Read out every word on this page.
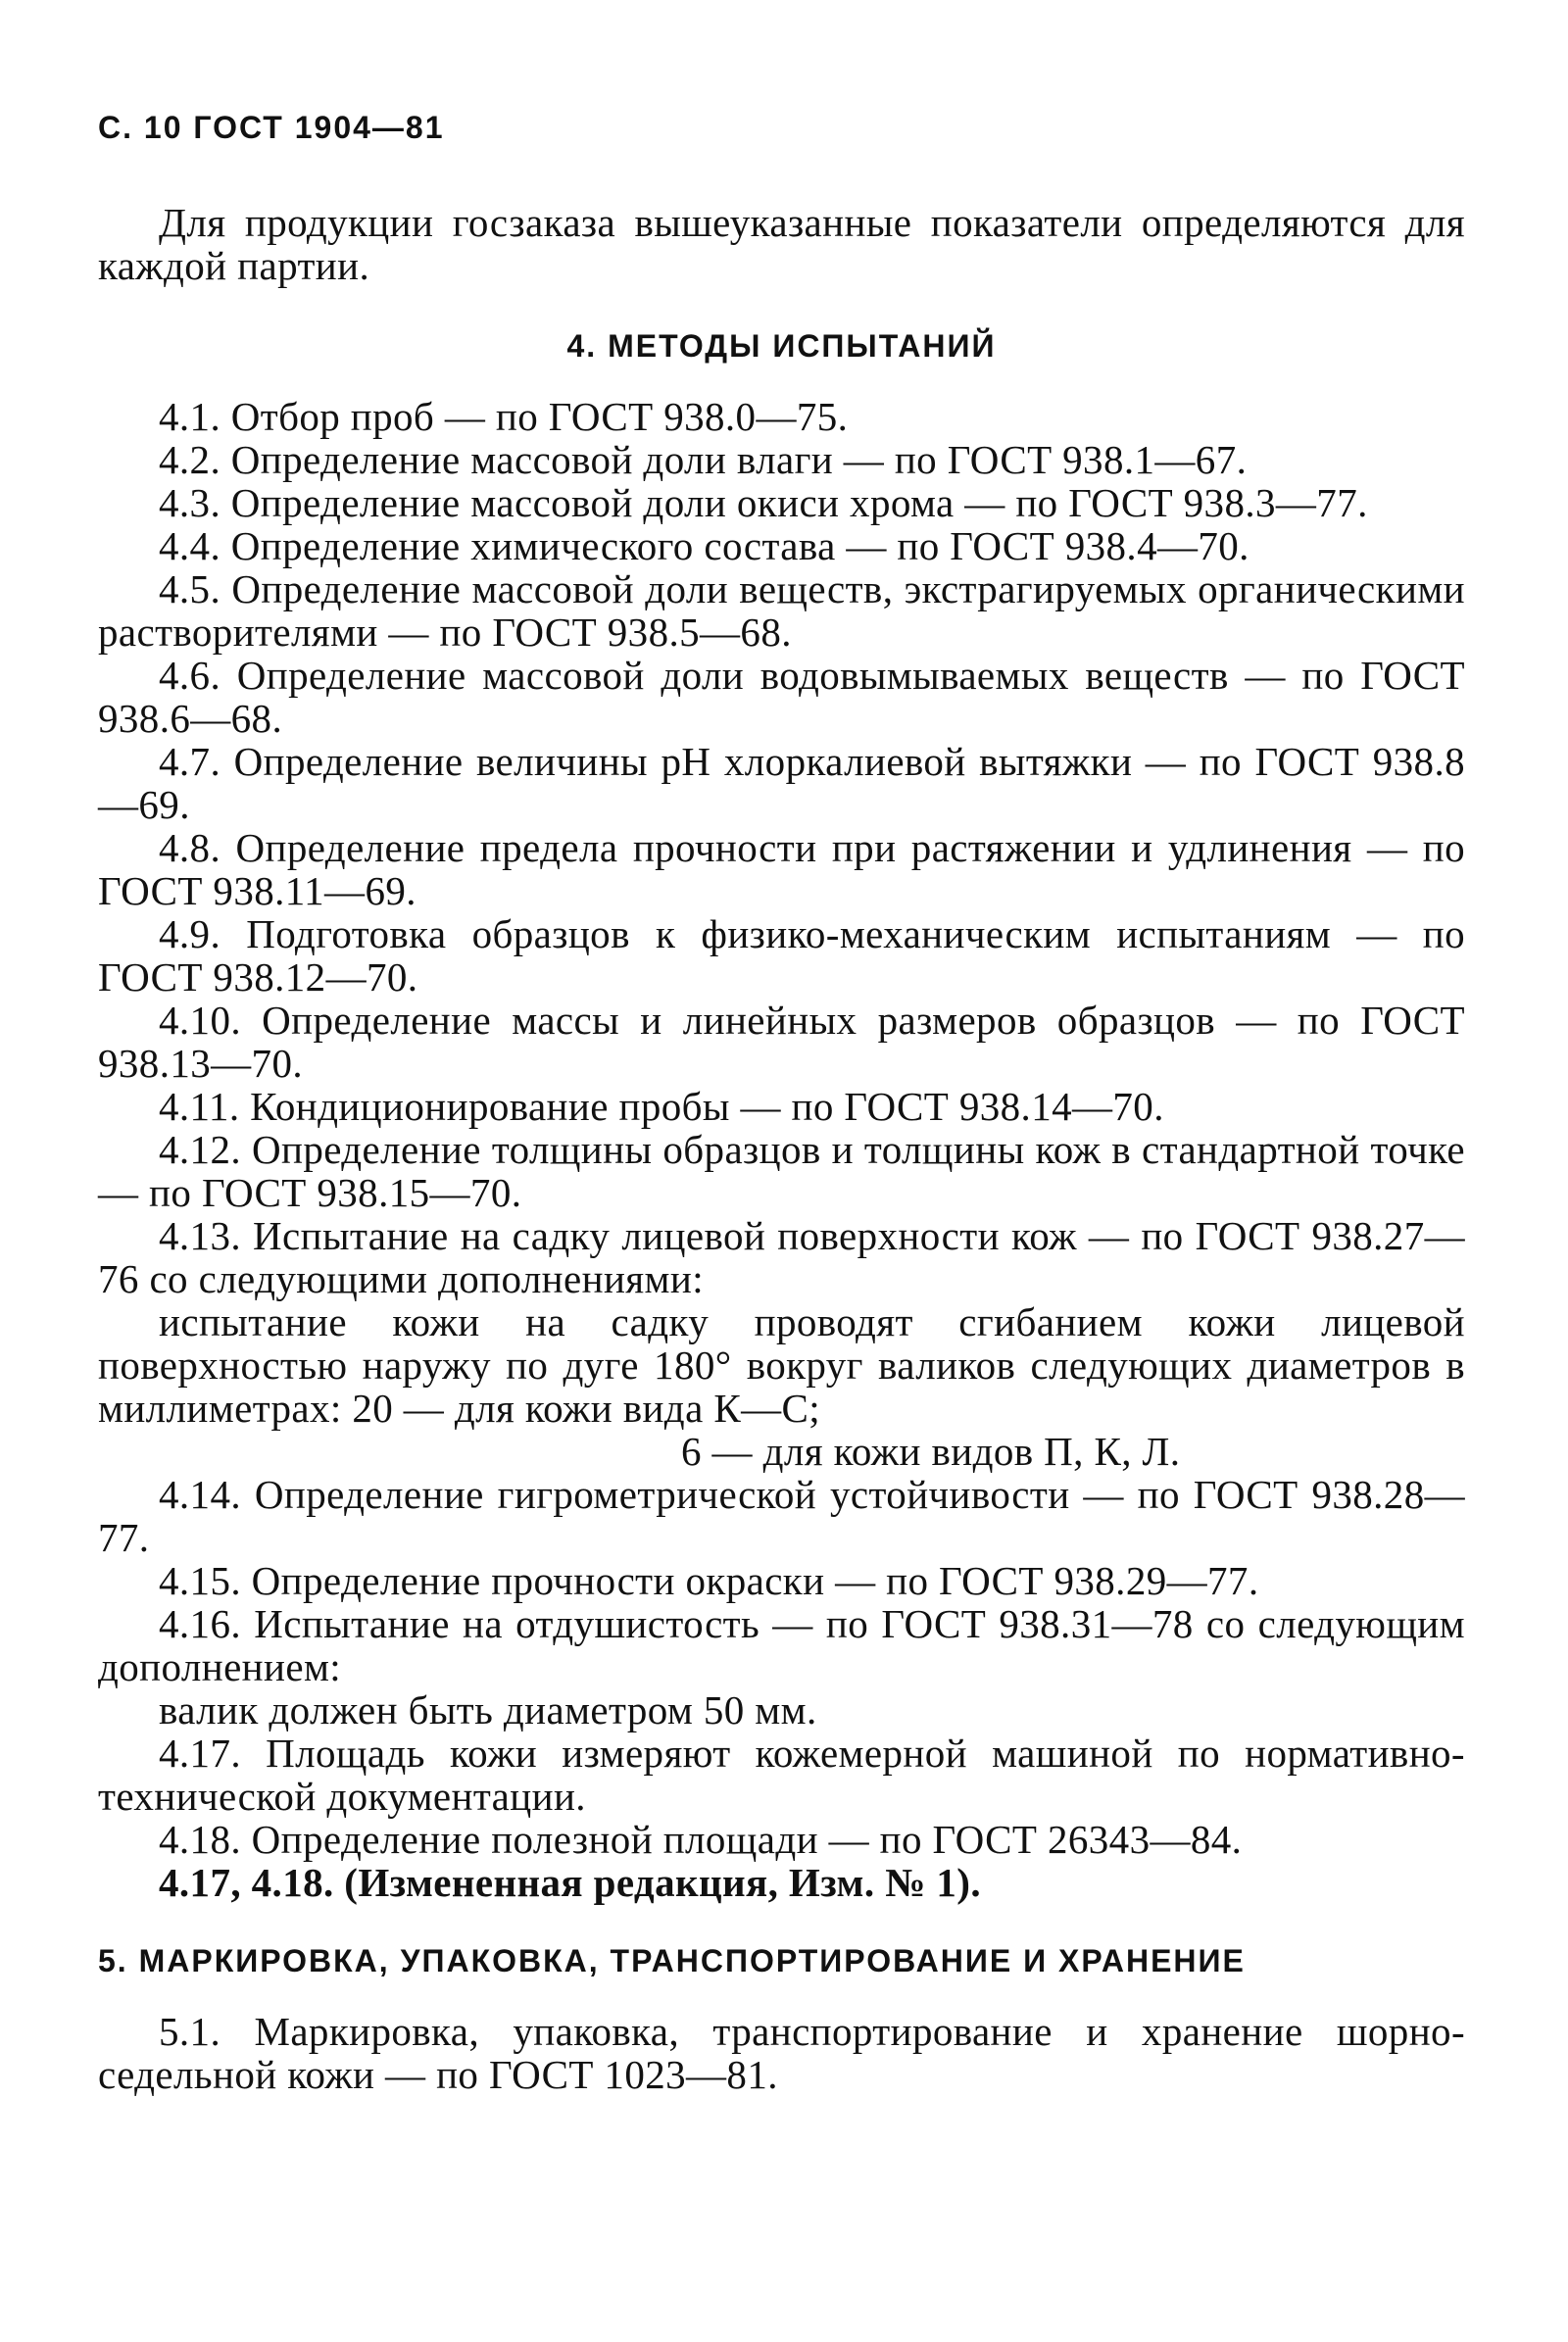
С. 10 ГОСТ 1904—81

Для продукции госзаказа вышеуказанные показатели определяются для каждой партии.

4. МЕТОДЫ ИСПЫТАНИЙ

4.1. Отбор проб — по ГОСТ 938.0—75.

4.2. Определение массовой доли влаги — по ГОСТ 938.1—67.

4.3. Определение массовой доли окиси хрома — по ГОСТ 938.3—77.

4.4. Определение химического состава — по ГОСТ 938.4—70.

4.5. Определение массовой доли веществ, экстрагируемых органическими растворителями — по ГОСТ 938.5—68.

4.6. Определение массовой доли водовымываемых веществ — по ГОСТ 938.6—68.

4.7. Определение величины pH хлоркалиевой вытяжки — по ГОСТ 938.8—69.

4.8. Определение предела прочности при растяжении и удлинения — по ГОСТ 938.11—69.

4.9. Подготовка образцов к физико-механическим испытаниям — по ГОСТ 938.12—70.

4.10. Определение массы и линейных размеров образцов — по ГОСТ 938.13—70.

4.11. Кондиционирование пробы — по ГОСТ 938.14—70.

4.12. Определение толщины образцов и толщины кож в стандартной точке — по ГОСТ 938.15—70.

4.13. Испытание на садку лицевой поверхности кож — по ГОСТ 938.27—76 со следующими дополнениями:

испытание кожи на садку проводят сгибанием кожи лицевой поверхностью наружу по дуге 180° вокруг валиков следующих диаметров в миллиметрах: 20 — для кожи вида К—С;

6 — для кожи видов П, К, Л.

4.14. Определение гигрометрической устойчивости — по ГОСТ 938.28—77.

4.15. Определение прочности окраски — по ГОСТ 938.29—77.

4.16. Испытание на отдушистость — по ГОСТ 938.31—78 со следующим дополнением:

валик должен быть диаметром 50 мм.

4.17. Площадь кожи измеряют кожемерной машиной по нормативно-технической документации.

4.18. Определение полезной площади — по ГОСТ 26343—84.

4.17, 4.18. (Измененная редакция, Изм. № 1).

5. МАРКИРОВКА, УПАКОВКА, ТРАНСПОРТИРОВАНИЕ И ХРАНЕНИЕ

5.1. Маркировка, упаковка, транспортирование и хранение шорно-седельной кожи — по ГОСТ 1023—81.
